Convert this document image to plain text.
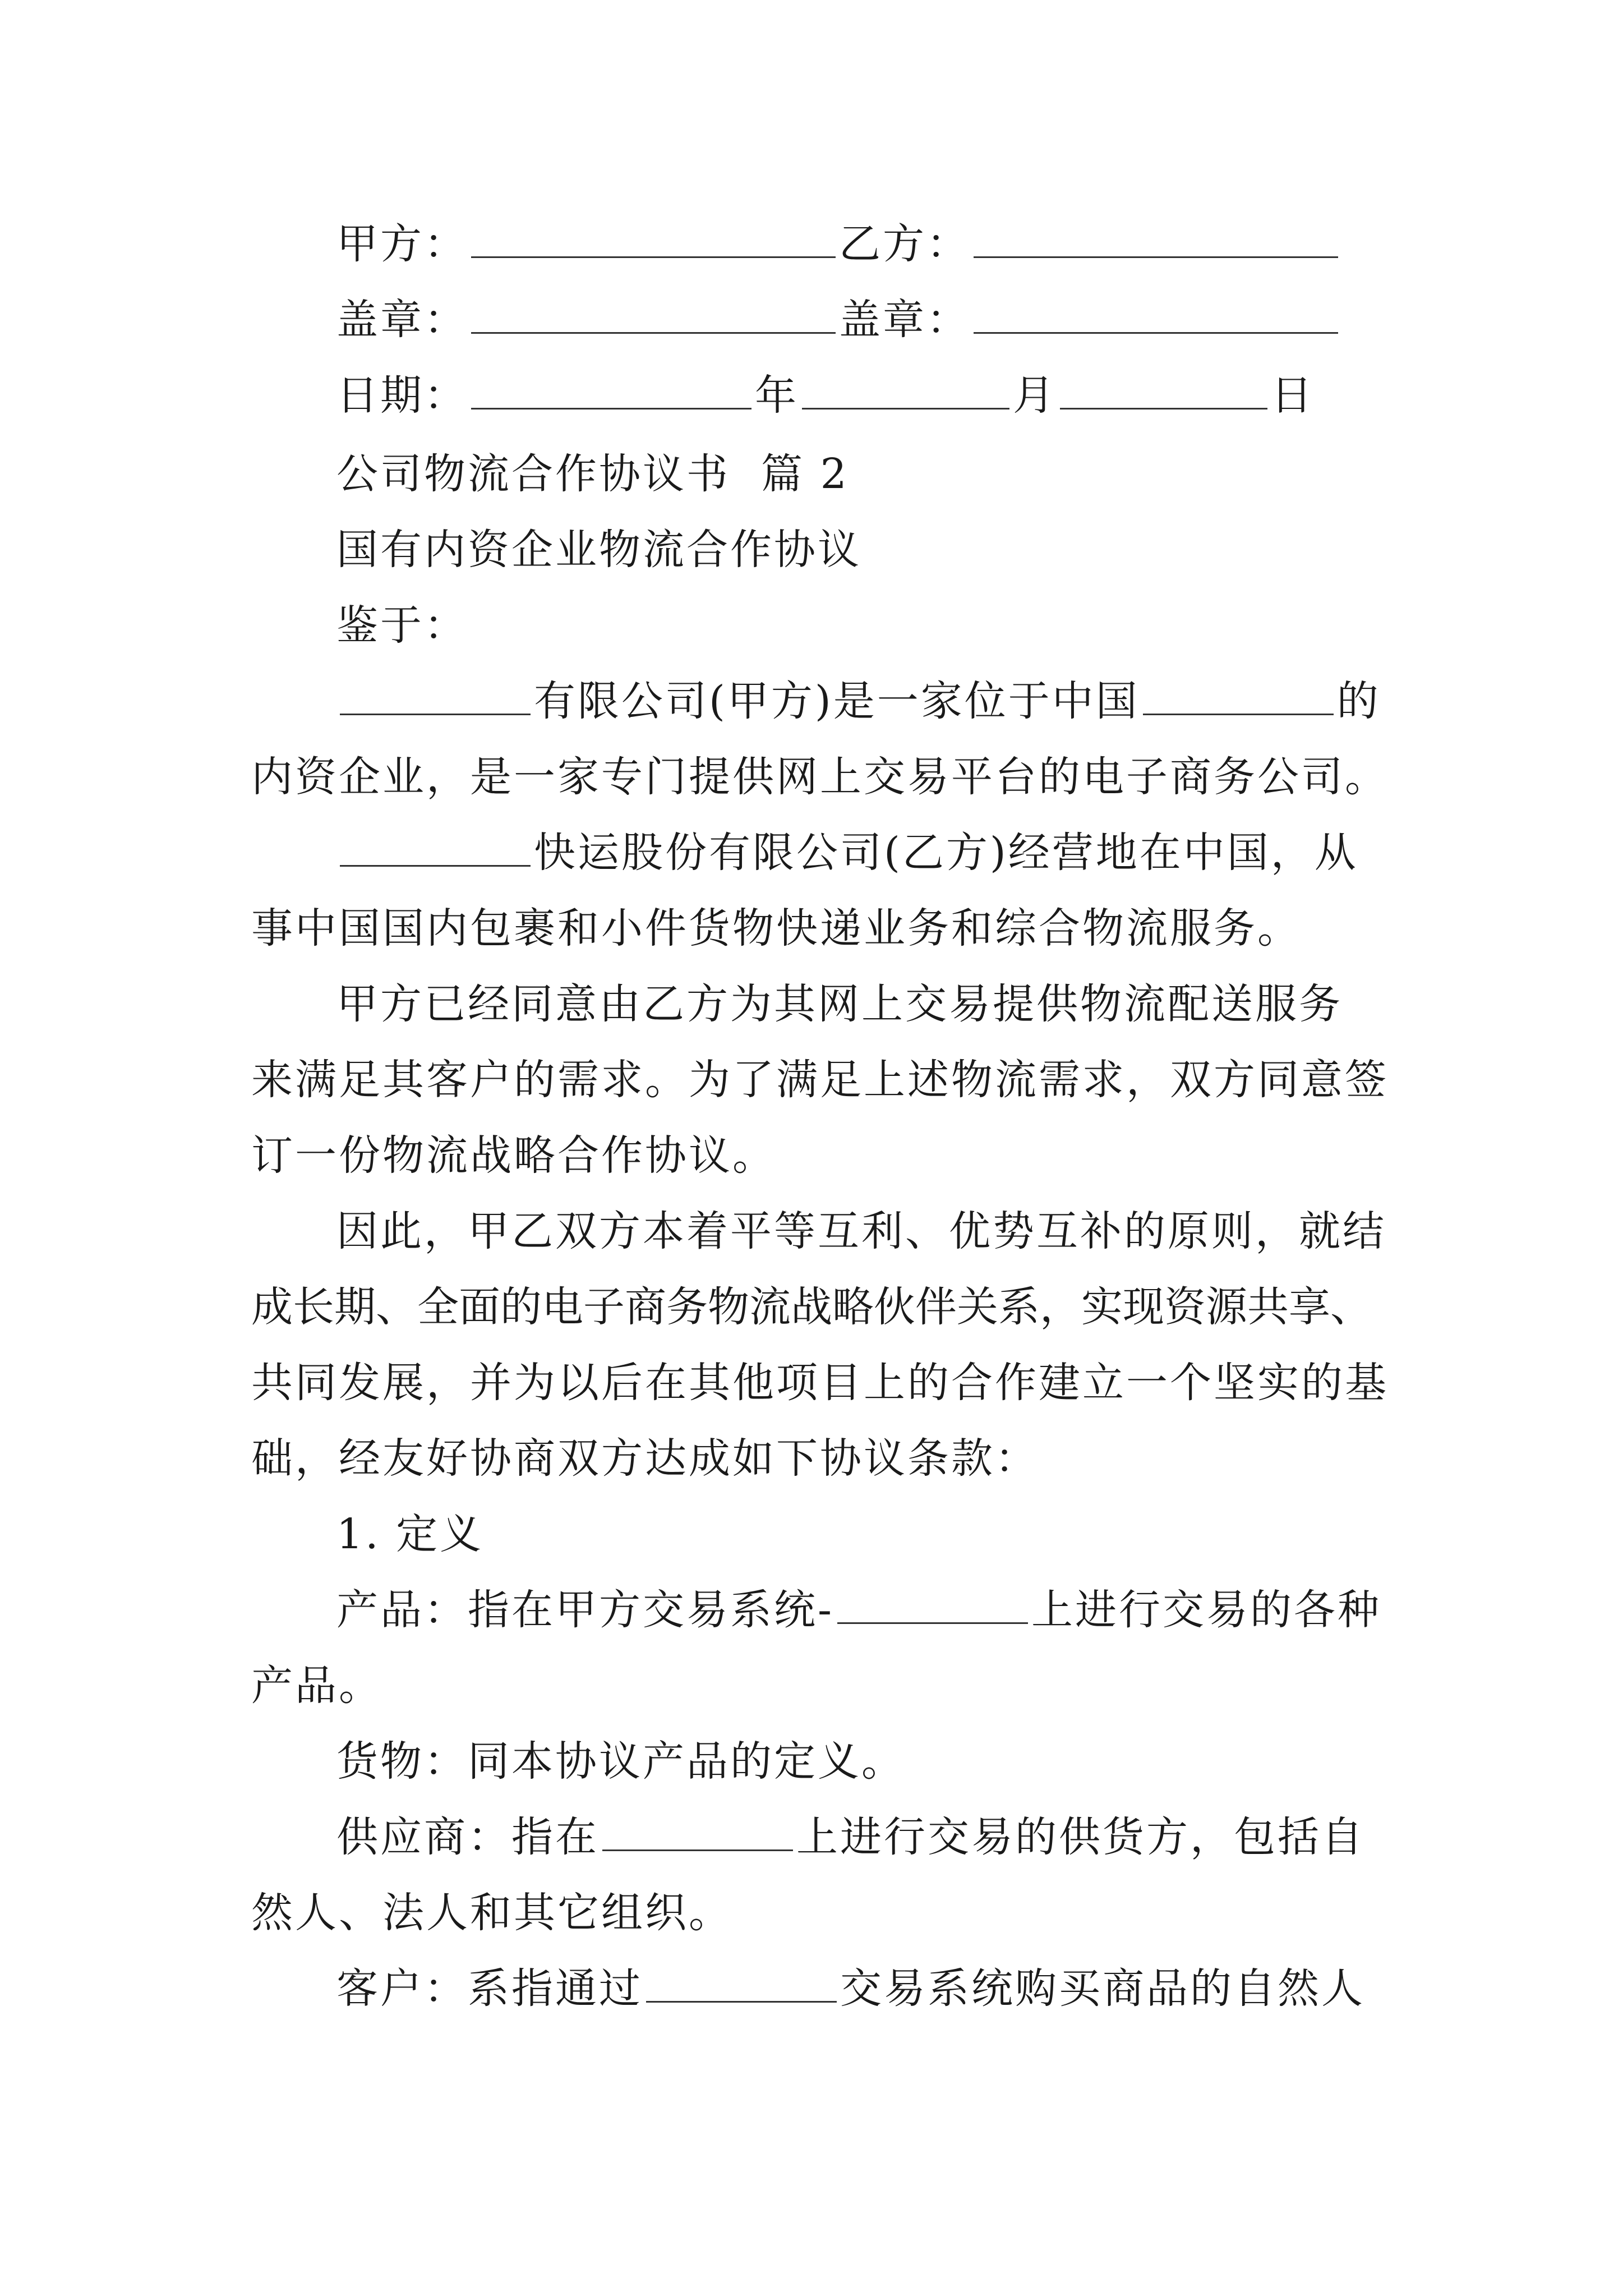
甲方：	乙方：
盖章：	盖章：
日期：	年	月	日
公司物流合作协议书  篇 2
国有内资企业物流合作协议
鉴于：
有限公司(甲方)是一家位于中国	的
内资企业，是一家专门提供网上交易平台的电子商务公司。
快运股份有限公司(乙方)经营地在中国，从
事中国国内包裹和小件货物快递业务和综合物流服务。
甲方已经同意由乙方为其网上交易提供物流配送服务
来满足其客户的需求。为了满足上述物流需求，双方同意签
订一份物流战略合作协议。
因此，甲乙双方本着平等互利、优势互补的原则，就结
成长期、全面的电子商务物流战略伙伴关系，实现资源共享、
共同发展，并为以后在其他项目上的合作建立一个坚实的基
础，经友好协商双方达成如下协议条款：
1. 定义
产品：指在甲方交易系统-	上进行交易的各种
产品。
货物：同本协议产品的定义。
供应商：指在	上进行交易的供货方，包括自
然人、法人和其它组织。
客户：系指通过	交易系统购买商品的自然人
